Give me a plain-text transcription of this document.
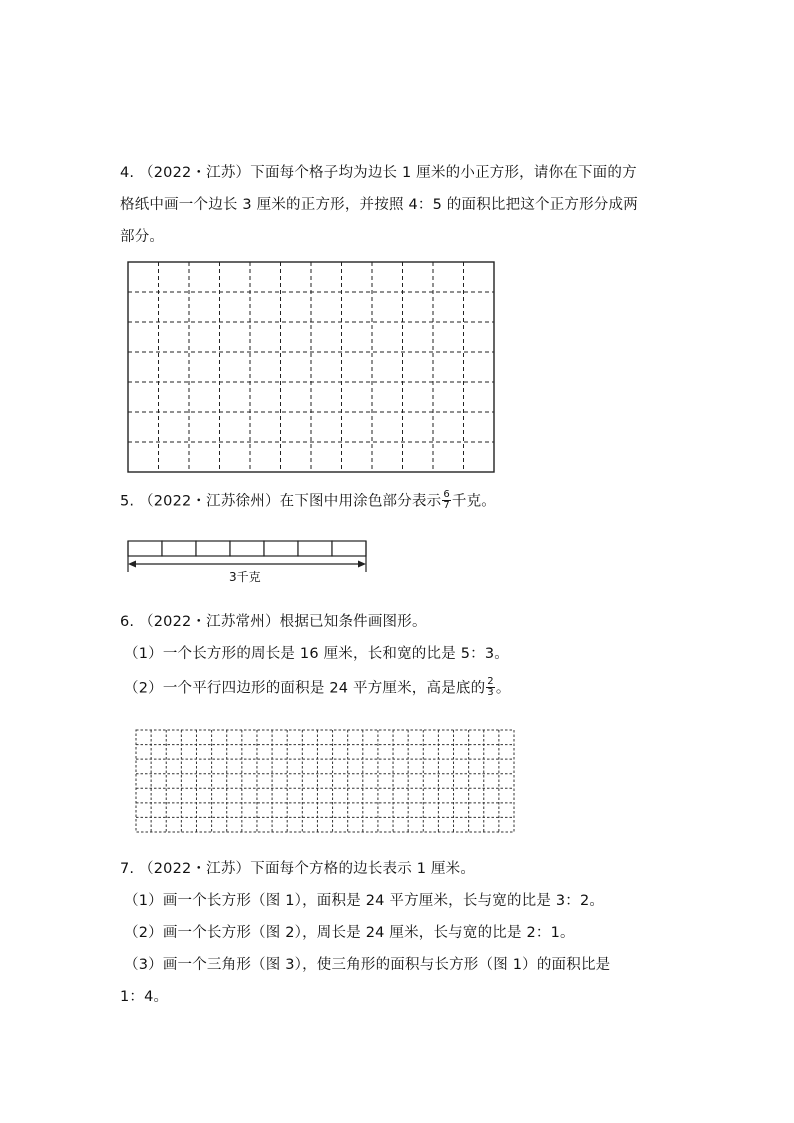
4. （2022・江苏）下面每个格子均为边长 1 厘米的小正方形，请你在下面的方
格纸中画一个边长 3 厘米的正方形，并按照 4：5 的面积比把这个正方形分成两
部分。
5. （2022・江苏徐州）在下图中用涂色部分表示 $\frac{6}{7}$ 千克。
3千克
6. （2022・江苏常州）根据已知条件画图形。
（1）一个长方形的周长是 16 厘米，长和宽的比是 5：3。
（2）一个平行四边形的面积是 24 平方厘米，高是底的 $\frac{2}{3}$ 。
7. （2022・江苏）下面每个方格的边长表示 1 厘米。
（1）画一个长方形（图 1），面积是 24 平方厘米，长与宽的比是 3：2。
（2）画一个长方形（图 2），周长是 24 厘米，长与宽的比是 2：1。
（3）画一个三角形（图 3），使三角形的面积与长方形（图 1）的面积比是
1：4。
